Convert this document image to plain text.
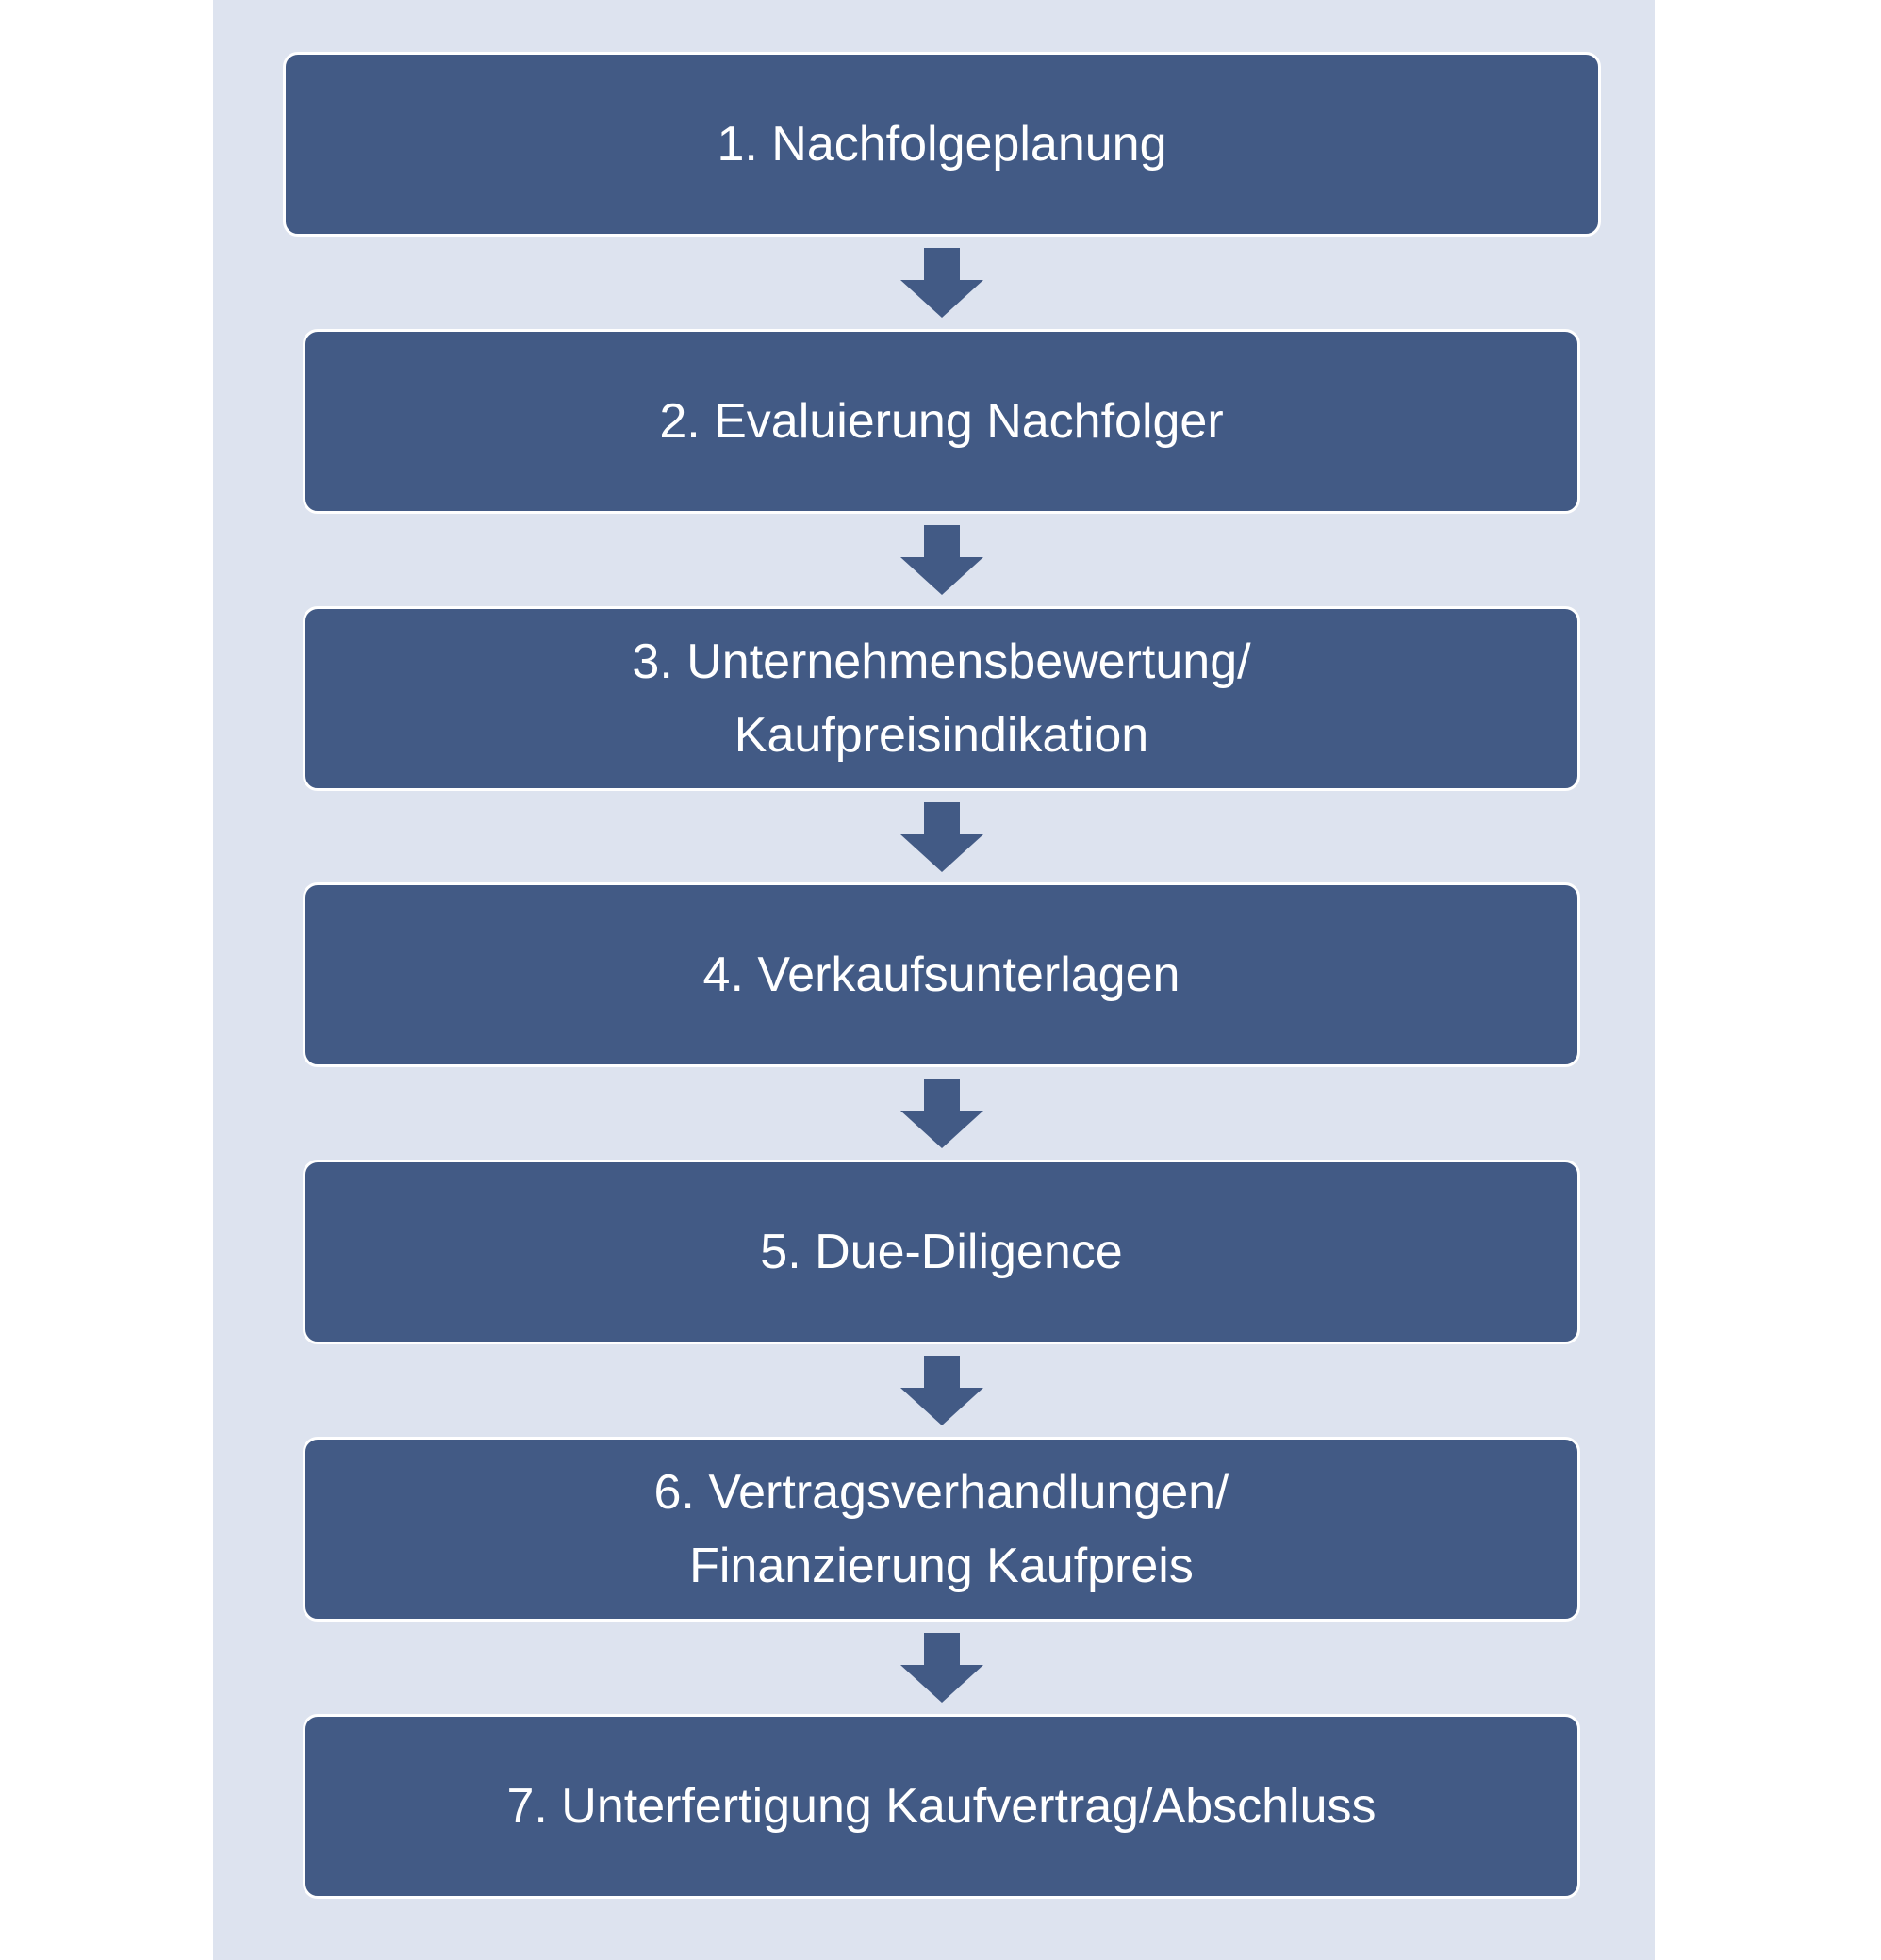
1. Nachfolgeplanung
2. Evaluierung Nachfolger
3. Unternehmensbewertung/
Kaufpreisindikation
4. Verkaufsunterlagen
5. Due-Diligence
6. Vertragsverhandlungen/
Finanzierung Kaufpreis
7. Unterfertigung Kaufvertrag/Abschluss
